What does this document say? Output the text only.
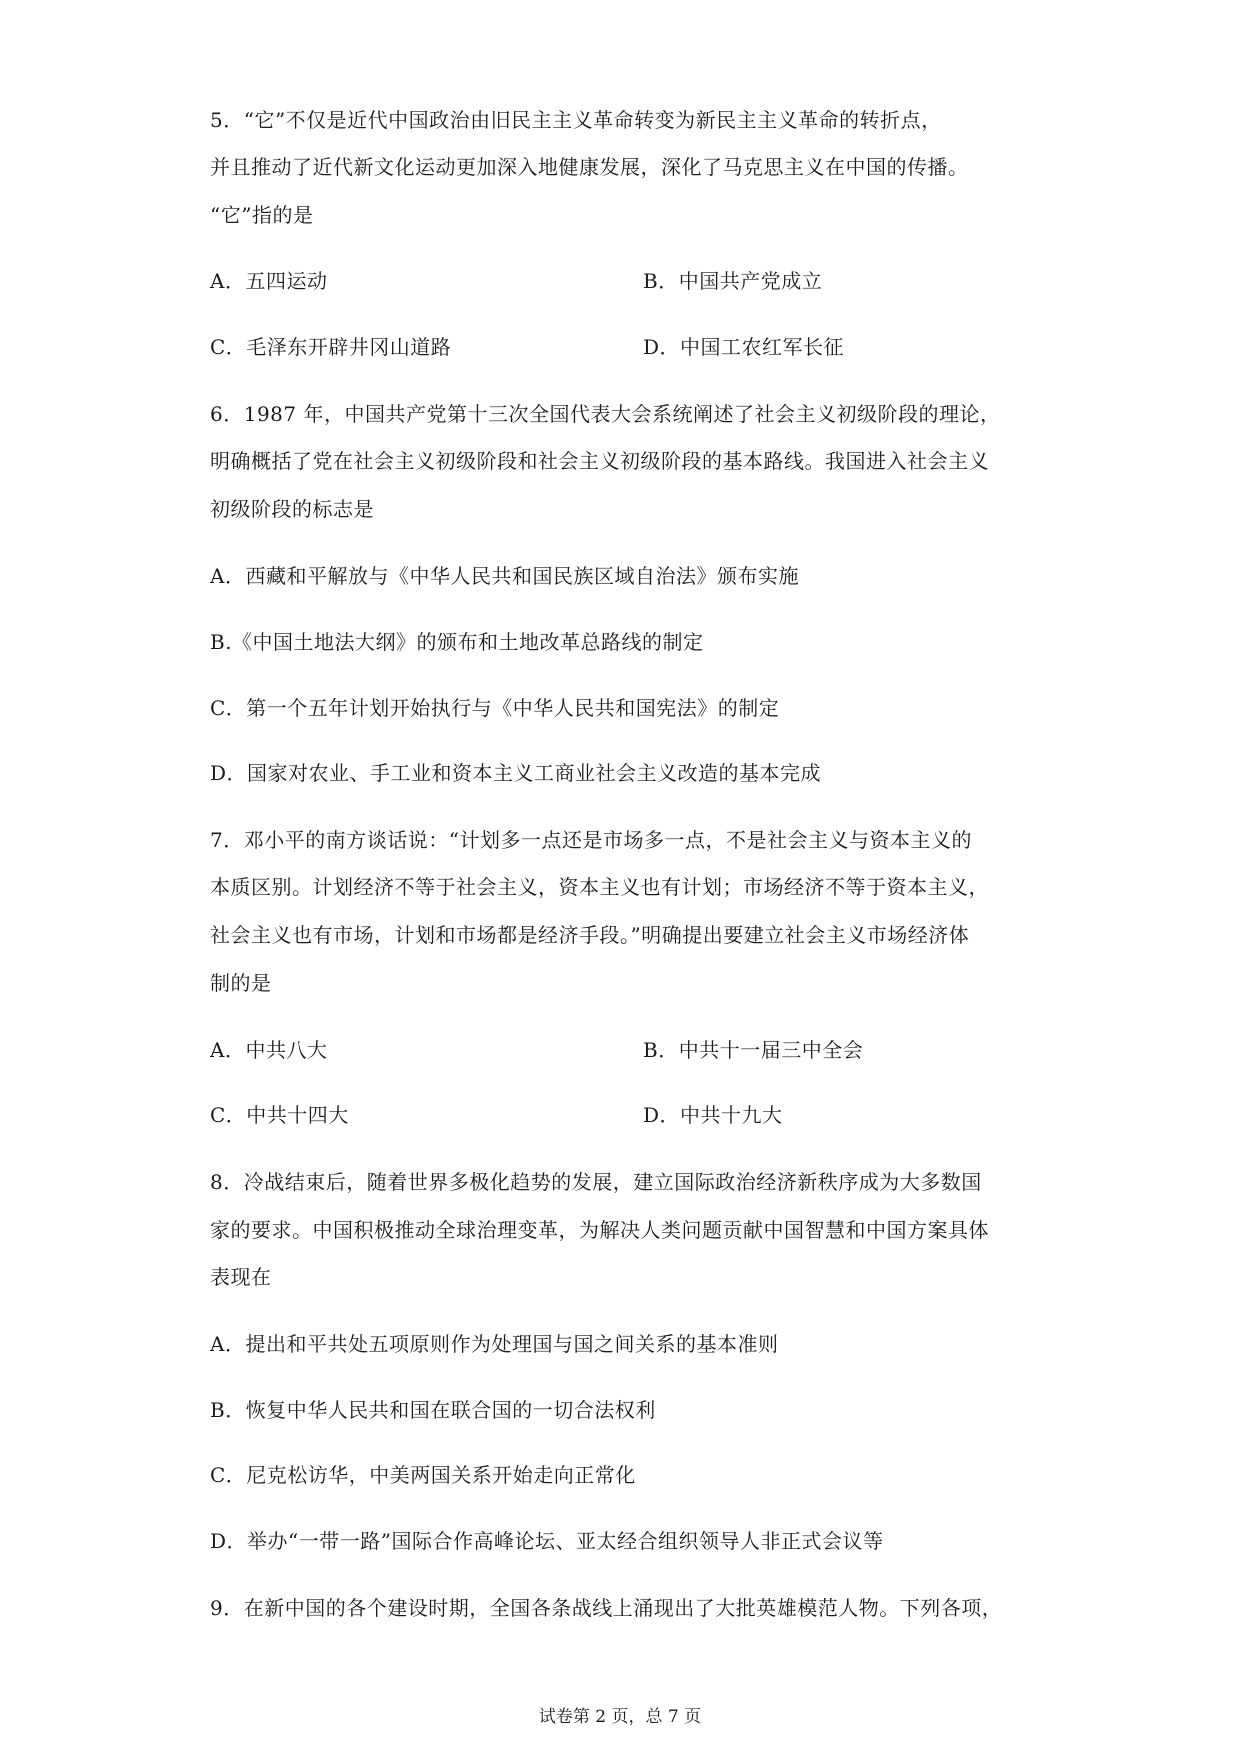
5．“它”不仅是近代中国政治由旧民主主义革命转变为新民主主义革命的转折点，
并且推动了近代新文化运动更加深入地健康发展，深化了马克思主义在中国的传播。
“它”指的是
A．五四运动	B．中国共产党成立
C．毛泽东开辟井冈山道路	D．中国工农红军长征
6．1987 年，中国共产党第十三次全国代表大会系统阐述了社会主义初级阶段的理论，
明确概括了党在社会主义初级阶段和社会主义初级阶段的基本路线。我国进入社会主义
初级阶段的标志是
A．西藏和平解放与《中华人民共和国民族区域自治法》颁布实施
B.《中国土地法大纲》的颁布和土地改革总路线的制定
C．第一个五年计划开始执行与《中华人民共和国宪法》的制定
D．国家对农业、手工业和资本主义工商业社会主义改造的基本完成
7．邓小平的南方谈话说：“计划多一点还是市场多一点，不是社会主义与资本主义的
本质区别。计划经济不等于社会主义，资本主义也有计划；市场经济不等于资本主义，
社会主义也有市场，计划和市场都是经济手段。”明确提出要建立社会主义市场经济体
制的是
A．中共八大	B．中共十一届三中全会
C．中共十四大	D．中共十九大
8．冷战结束后，随着世界多极化趋势的发展，建立国际政治经济新秩序成为大多数国
家的要求。中国积极推动全球治理变革，为解决人类问题贡献中国智慧和中国方案具体
表现在
A．提出和平共处五项原则作为处理国与国之间关系的基本准则
B．恢复中华人民共和国在联合国的一切合法权利
C．尼克松访华，中美两国关系开始走向正常化
D．举办“一带一路”国际合作高峰论坛、亚太经合组织领导人非正式会议等
9．在新中国的各个建设时期，全国各条战线上涌现出了大批英雄模范人物。下列各项，
试卷第 2 页，总 7 页
